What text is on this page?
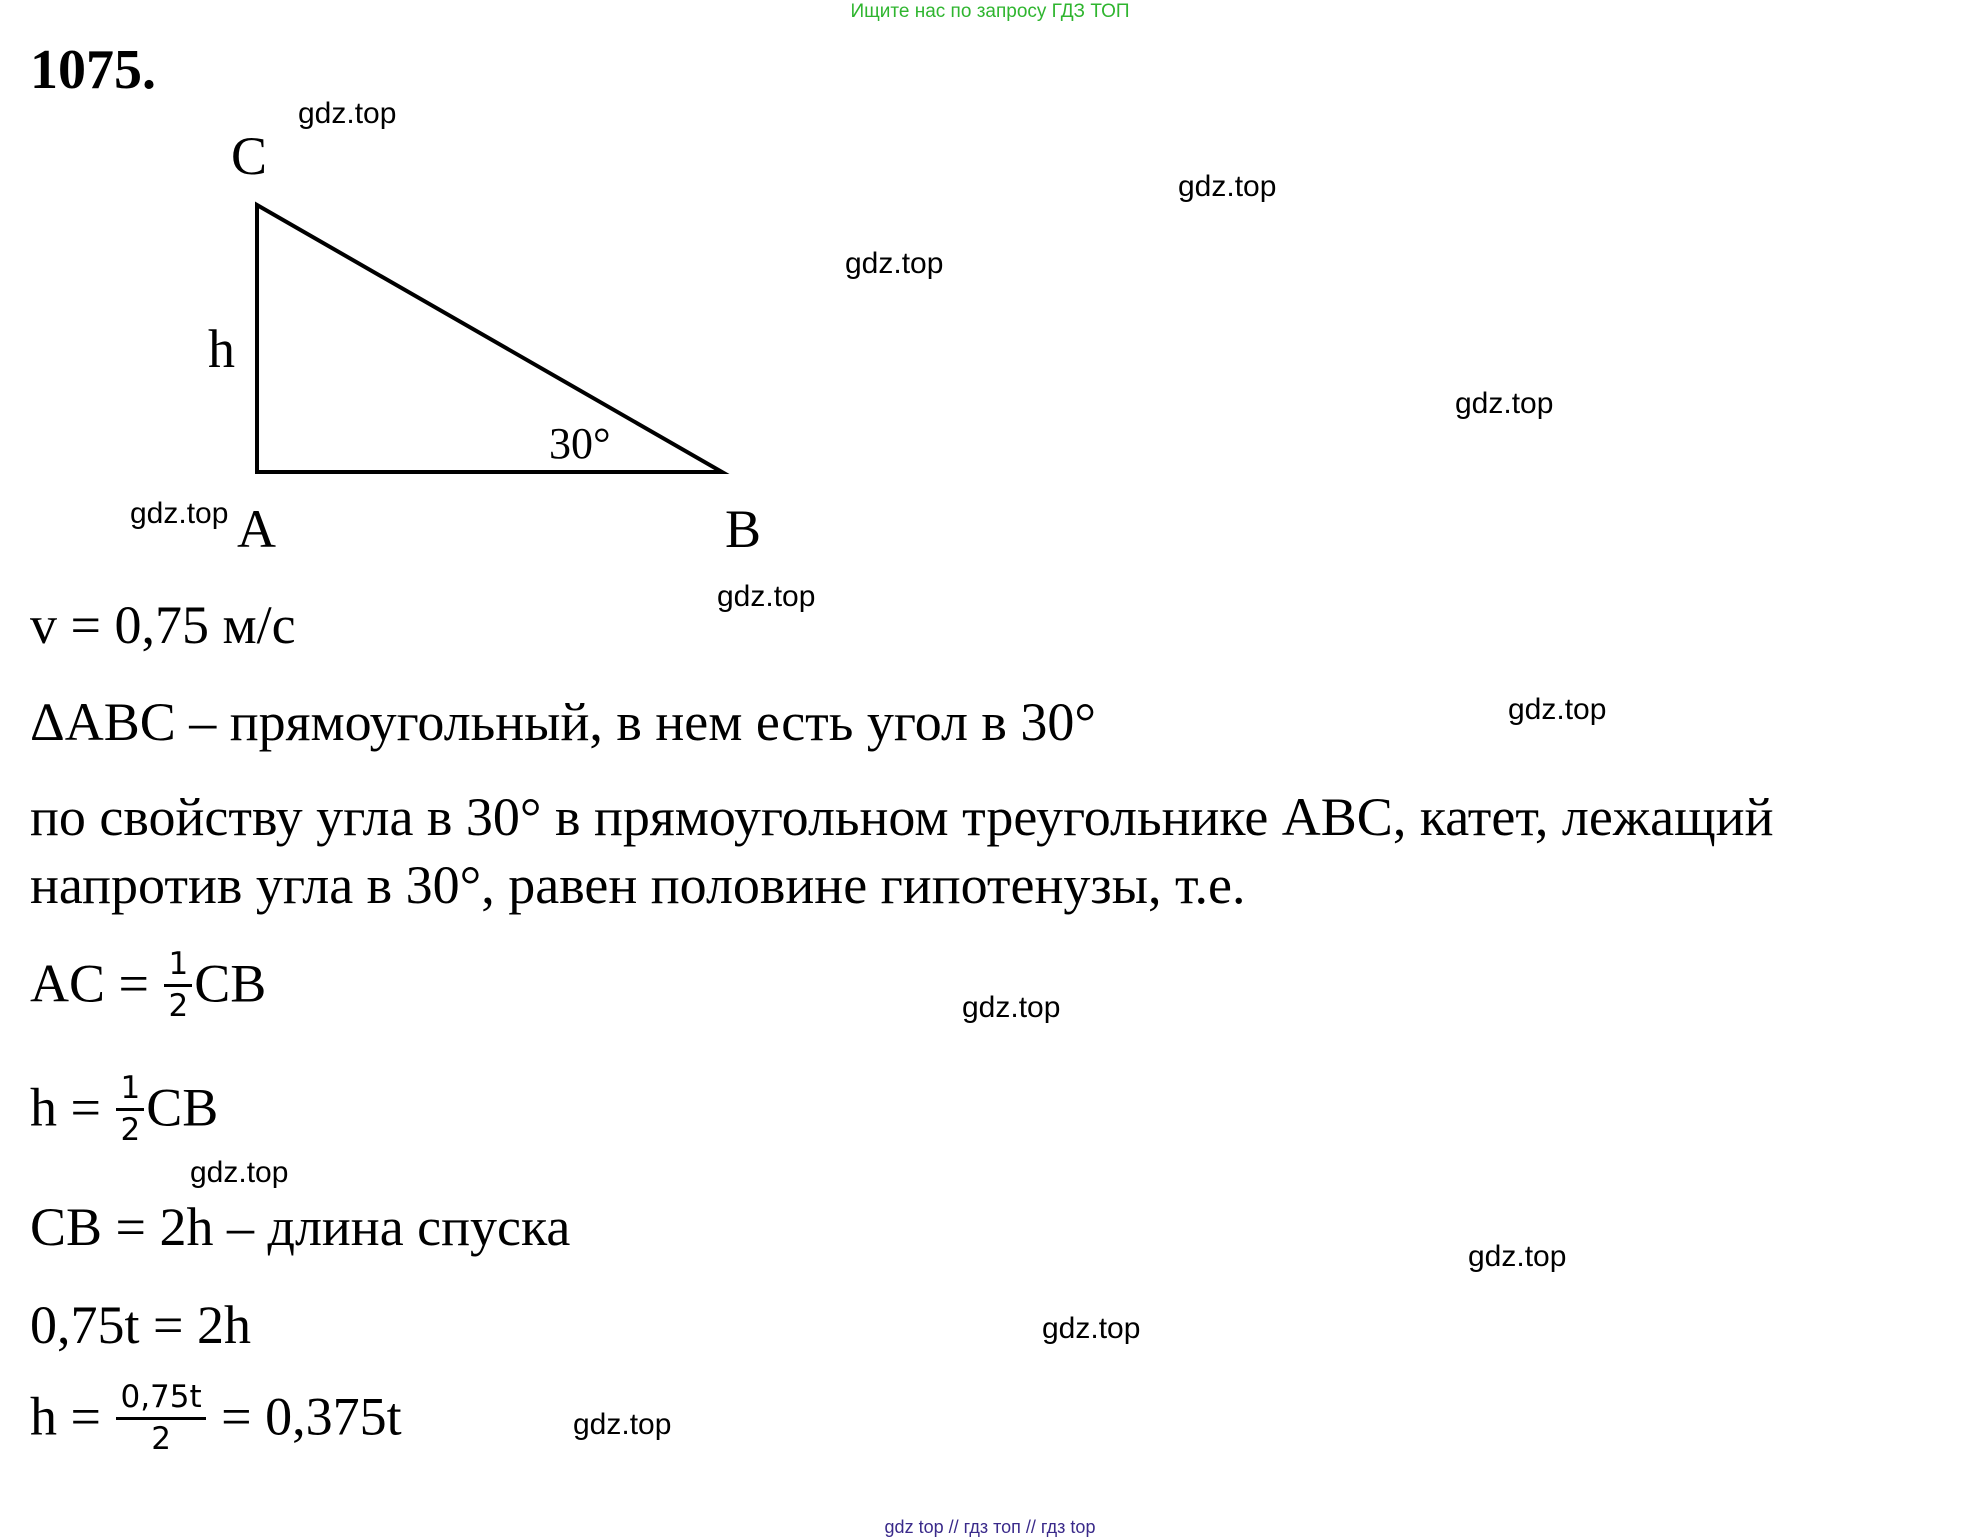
Ищите нас по запросу ГДЗ ТОП
1075.
C
h
30°
A	B
gdz.top
gdz.top
gdz.top
gdz.top
gdz.top
gdz.top
gdz.top
gdz.top
gdz.top
gdz.top
gdz.top
gdz.top
v = 0,75 м/с
ΔABC – прямоугольный, в нем есть угол в 30°
по свойству угла в 30° в прямоугольном треугольнике ABC, катет, лежащий
напротив угла в 30°, равен половине гипотенузы, т.е.
AC = $\frac{1}{2}$ CB
$h = \frac{1}{2}$ CB
CB = 2h – длина спуска
0,75t = 2h
$h = \frac{0,75t}{2} = 0,375t$
gdz top // гдз топ // гдз top
